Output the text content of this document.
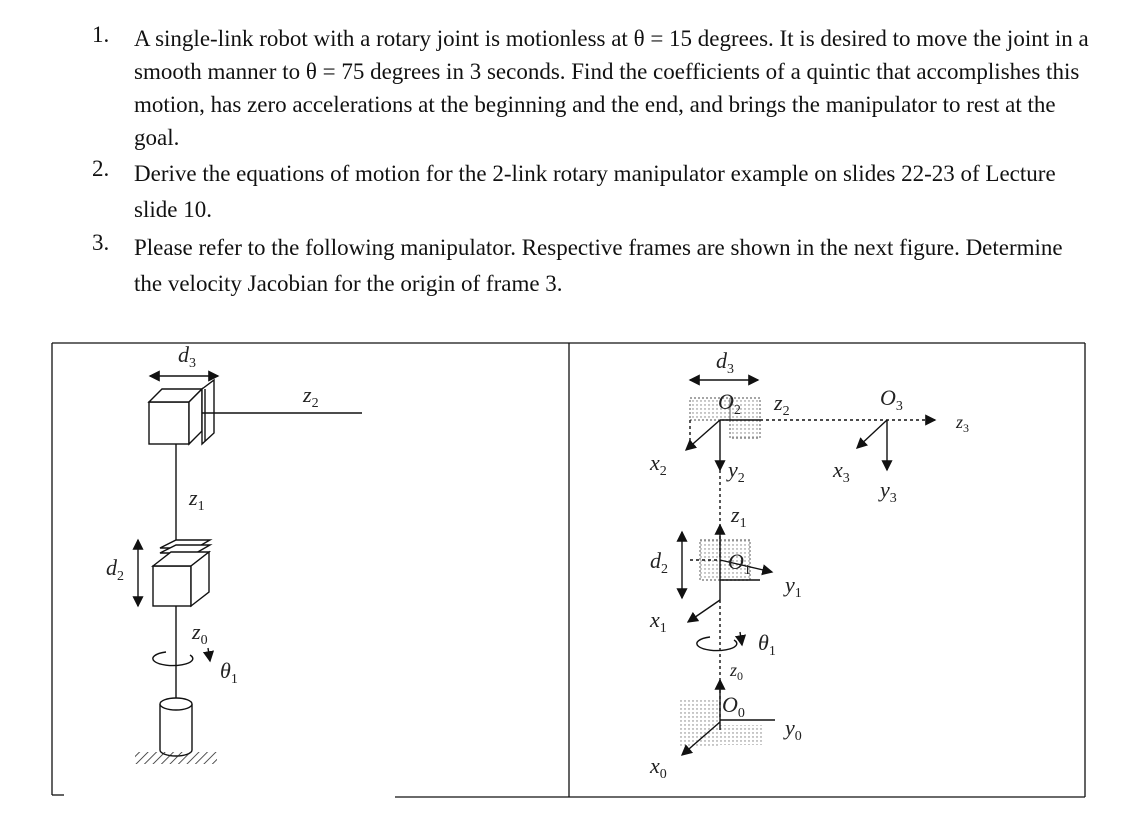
1. A single-link robot with a rotary joint is motionless at θ = 15 degrees. It is desired to move the joint in a smooth manner to θ = 75 degrees in 3 seconds. Find the coefficients of a quintic that accomplishes this motion, has zero accelerations at the beginning and the end, and brings the manipulator to rest at the goal.
2. Derive the equations of motion for the 2-link rotary manipulator example on slides 22-23 of Lecture slide 10.
3. Please refer to the following manipulator. Respective frames are shown in the next figure. Determine the velocity Jacobian for the origin of frame 3.
$d_3$
$z_2$
$z_1$
$d_2$
$z_0$
$\theta_1$
$d_3$
$O_2$ $z_2$
$O_3$
$z_3$
$x_2$	$y_2$	$x_3$ $y_3$
$z_1$
$d_2$	$O_1$
$y_1$
$x_1$
$\theta_1$
$z_0$
$O_0$
$y_0$
$x_0$
